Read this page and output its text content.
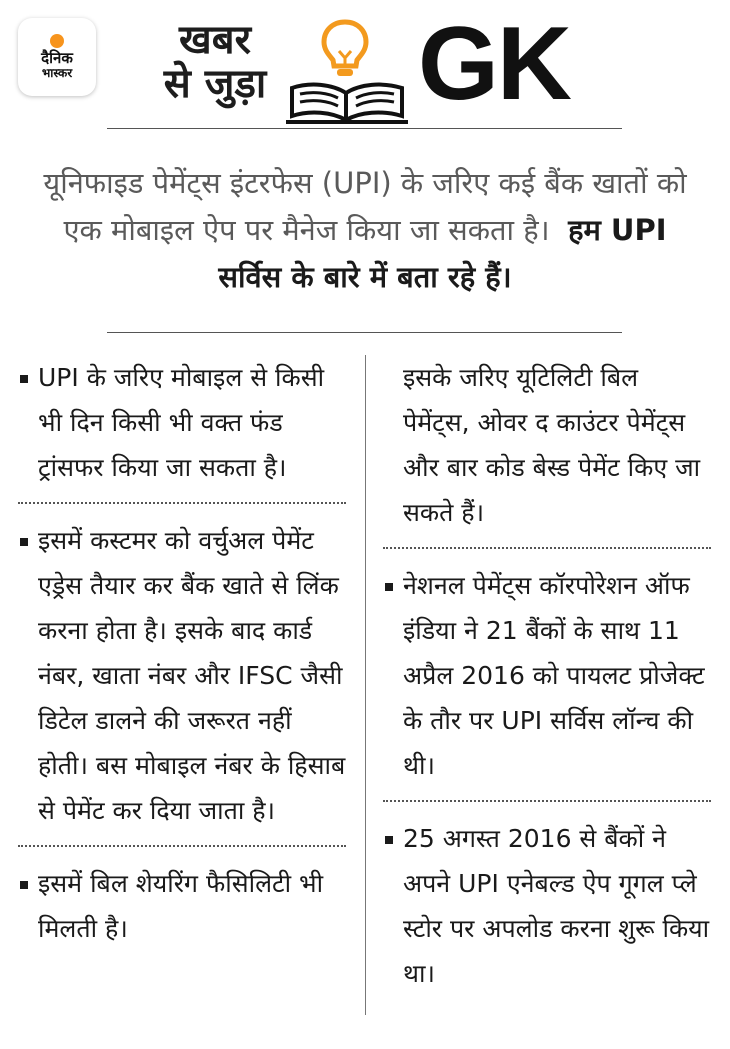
दैनिक
भास्कर
खबर
से जुड़ा GK
यूनिफाइड पेमेंट्स इंटरफेस (UPI) के जरिए कई बैंक खातों को एक मोबाइल ऐप पर मैनेज किया जा सकता है। हम UPI सर्विस के बारे में बता रहे हैं।
UPI के जरिए मोबाइल से किसी भी दिन किसी भी वक्त फंड ट्रांसफर किया जा सकता है।
इसमें कस्टमर को वर्चुअल पेमेंट एड्रेस तैयार कर बैंक खाते से लिंक करना होता है। इसके बाद कार्ड नंबर, खाता नंबर और IFSC जैसी डिटेल डालने की जरूरत नहीं होती। बस मोबाइल नंबर के हिसाब से पेमेंट कर दिया जाता है।
इसमें बिल शेयरिंग फैसिलिटी भी मिलती है।
इसके जरिए यूटिलिटी बिल पेमेंट्स, ओवर द काउंटर पेमेंट्स और बार कोड बेस्ड पेमेंट किए जा सकते हैं।
नेशनल पेमेंट्स कॉरपोरेशन ऑफ इंडिया ने 21 बैंकों के साथ 11 अप्रैल 2016 को पायलट प्रोजेक्ट के तौर पर UPI सर्विस लॉन्च की थी।
25 अगस्त 2016 से बैंकों ने अपने UPI एनेबल्ड ऐप गूगल प्ले स्टोर पर अपलोड करना शुरू किया था।
